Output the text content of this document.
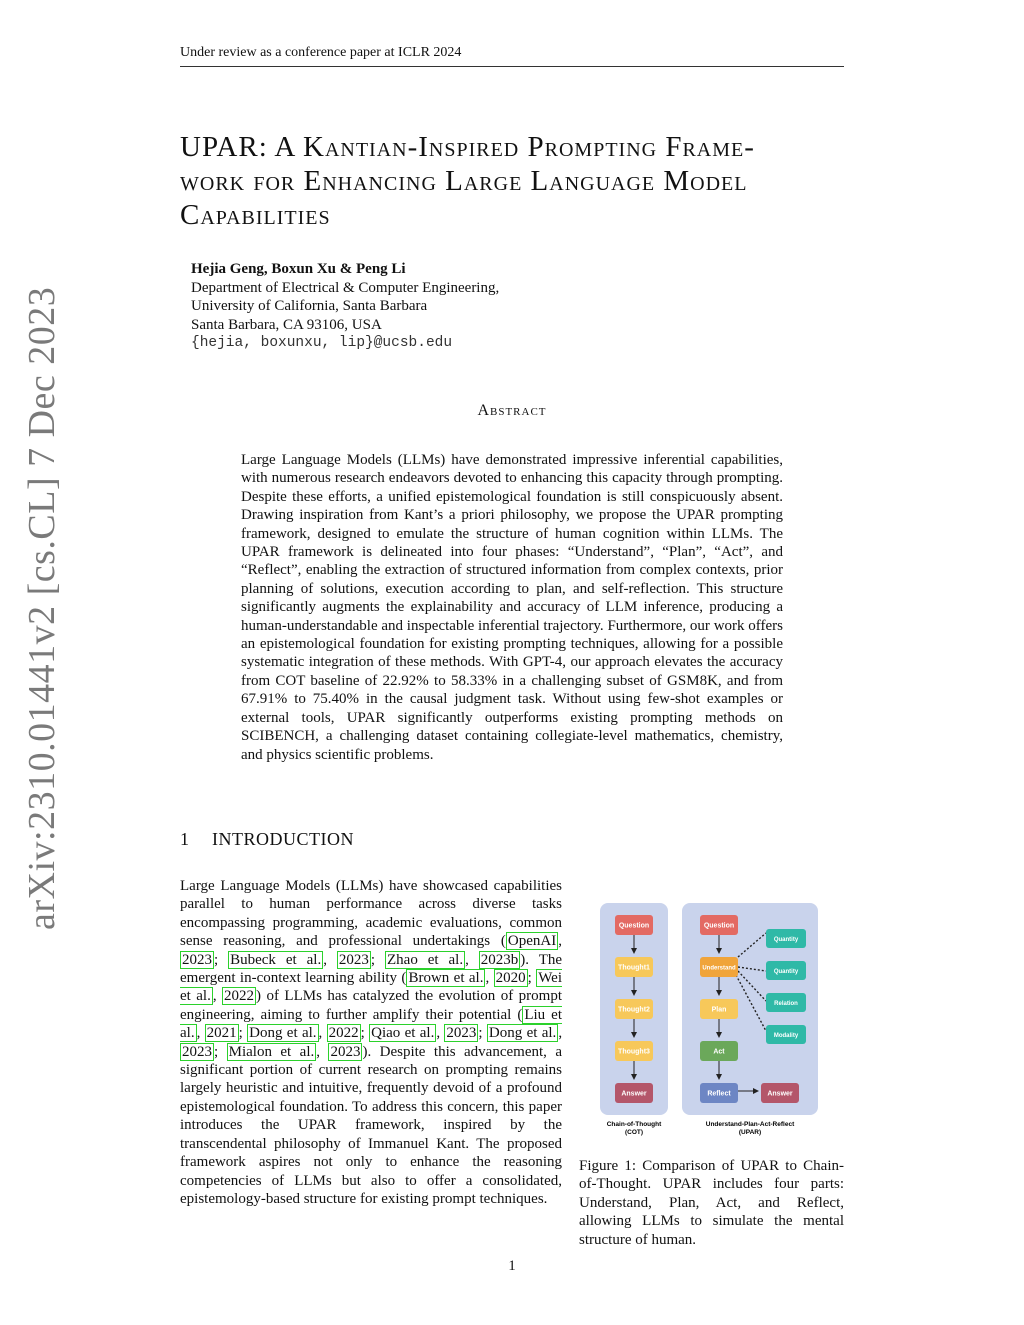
Under review as a conference paper at ICLR 2024
arXiv:2310.01441v2 [cs.CL] 7 Dec 2023
UPAR: A Kantian-Inspired Prompting Frame-
work for Enhancing Large Language Model
Capabilities
Hejia Geng, Boxun Xu & Peng Li
Department of Electrical & Computer Engineering,
University of California, Santa Barbara
Santa Barbara, CA 93106, USA
{hejia, boxunxu, lip}@ucsb.edu
Abstract
Large Language Models (LLMs) have demonstrated impressive inferential capabilities, with numerous research endeavors devoted to enhancing this capacity through prompting. Despite these efforts, a unified epistemological foundation is still conspicuously absent. Drawing inspiration from Kant’s a priori philosophy, we propose the UPAR prompting framework, designed to emulate the structure of human cognition within LLMs. The UPAR framework is delineated into four phases: “Understand”, “Plan”, “Act”, and “Reflect”, enabling the extraction of structured information from complex contexts, prior planning of solutions, execution according to plan, and self-reflection. This structure significantly augments the explainability and accuracy of LLM inference, producing a human-understandable and inspectable inferential trajectory. Furthermore, our work offers an epistemological foundation for existing prompting techniques, allowing for a possible systematic integration of these methods. With GPT-4, our approach elevates the accuracy from COT baseline of 22.92% to 58.33% in a challenging subset of GSM8K, and from 67.91% to 75.40% in the causal judgment task. Without using few-shot examples or external tools, UPAR significantly outperforms existing prompting methods on SCIBENCH, a challenging dataset containing collegiate-level mathematics, chemistry, and physics scientific problems.
1 INTRODUCTION
Large Language Models (LLMs) have showcased capabilities parallel to human performance across diverse tasks encompassing programming, academic evaluations, common sense reasoning, and professional undertakings ( OpenAI , 2023 ; Bubeck et al. , 2023 ; Zhao et al. , 2023b ). The emergent in-context learning ability ( Brown et al. , 2020 ; Wei et al. , 2022 ) of LLMs has catalyzed the evolution of prompt engineering, aiming to further amplify their potential ( Liu et al. , 2021 ; Dong et al. , 2022 ; Qiao et al. , 2023 ; Dong et al. , 2023 ; Mialon et al. , 2023 ). Despite this advancement, a significant portion of current research on prompting remains largely heuristic and intuitive, frequently devoid of a profound epistemological foundation. To address this concern, this paper introduces the UPAR framework, inspired by the transcendental philosophy of Immanuel Kant. The proposed framework aspires not only to enhance the reasoning competencies of LLMs but also to offer a consolidated, epistemology-based structure for existing prompt techniques.
Question
Thought1
Thought2
Thought3
Answer
Question
Understand
Plan
Act
Reflect	Answer
Quantity
Quantity
Relation
Modality
Chain-of-Thought
(COT)
Understand-Plan-Act-Reflect
(UPAR)
Figure 1: Comparison of UPAR to Chain-of-Thought. UPAR includes four parts: Understand, Plan, Act, and Reflect, allowing LLMs to simulate the mental structure of human.
1
